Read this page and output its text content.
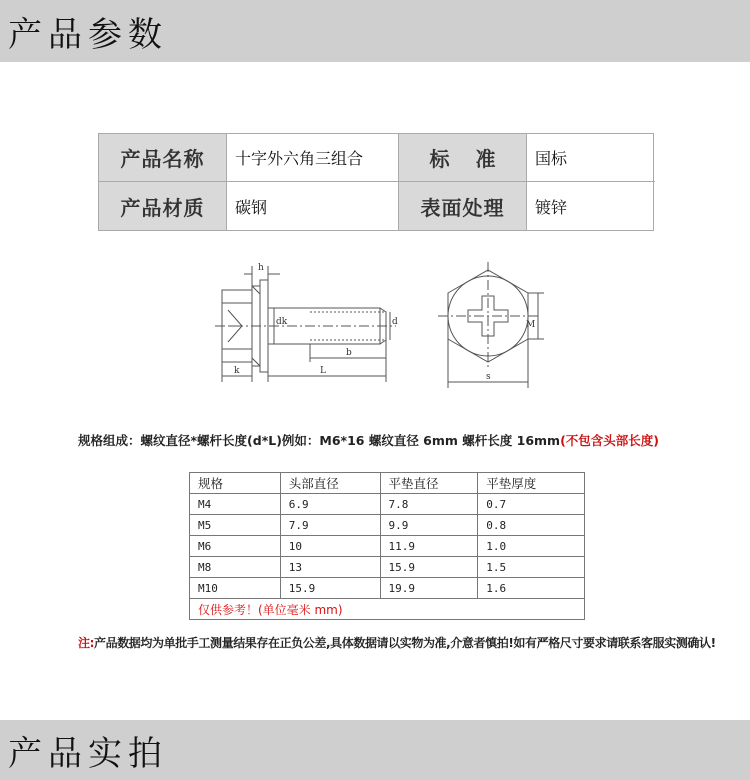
产品参数
产品名称	十字外六角三组合	标准 国标
产品材质	碳钢	表面处理	镀锌
h
dk	d
b
L
k
M
s
规格组成：螺纹直径*螺杆长度(d*L)例如：M6*16 螺纹直径 6mm 螺杆长度 16mm(不包含头部长度)
规格	头部直径	平垫直径	平垫厚度
M4	6.9	7.8	0.7
M5	7.9	9.9	0.8
M6	10	11.9	1.0
M8	13	15.9	1.5
M10	15.9	19.9	1.6
仅供参考！(单位毫米 mm)			
注:产品数据均为单批手工测量结果存在正负公差,具体数据请以实物为准,介意者慎拍!如有严格尺寸要求请联系客服实测确认!
产品实拍
